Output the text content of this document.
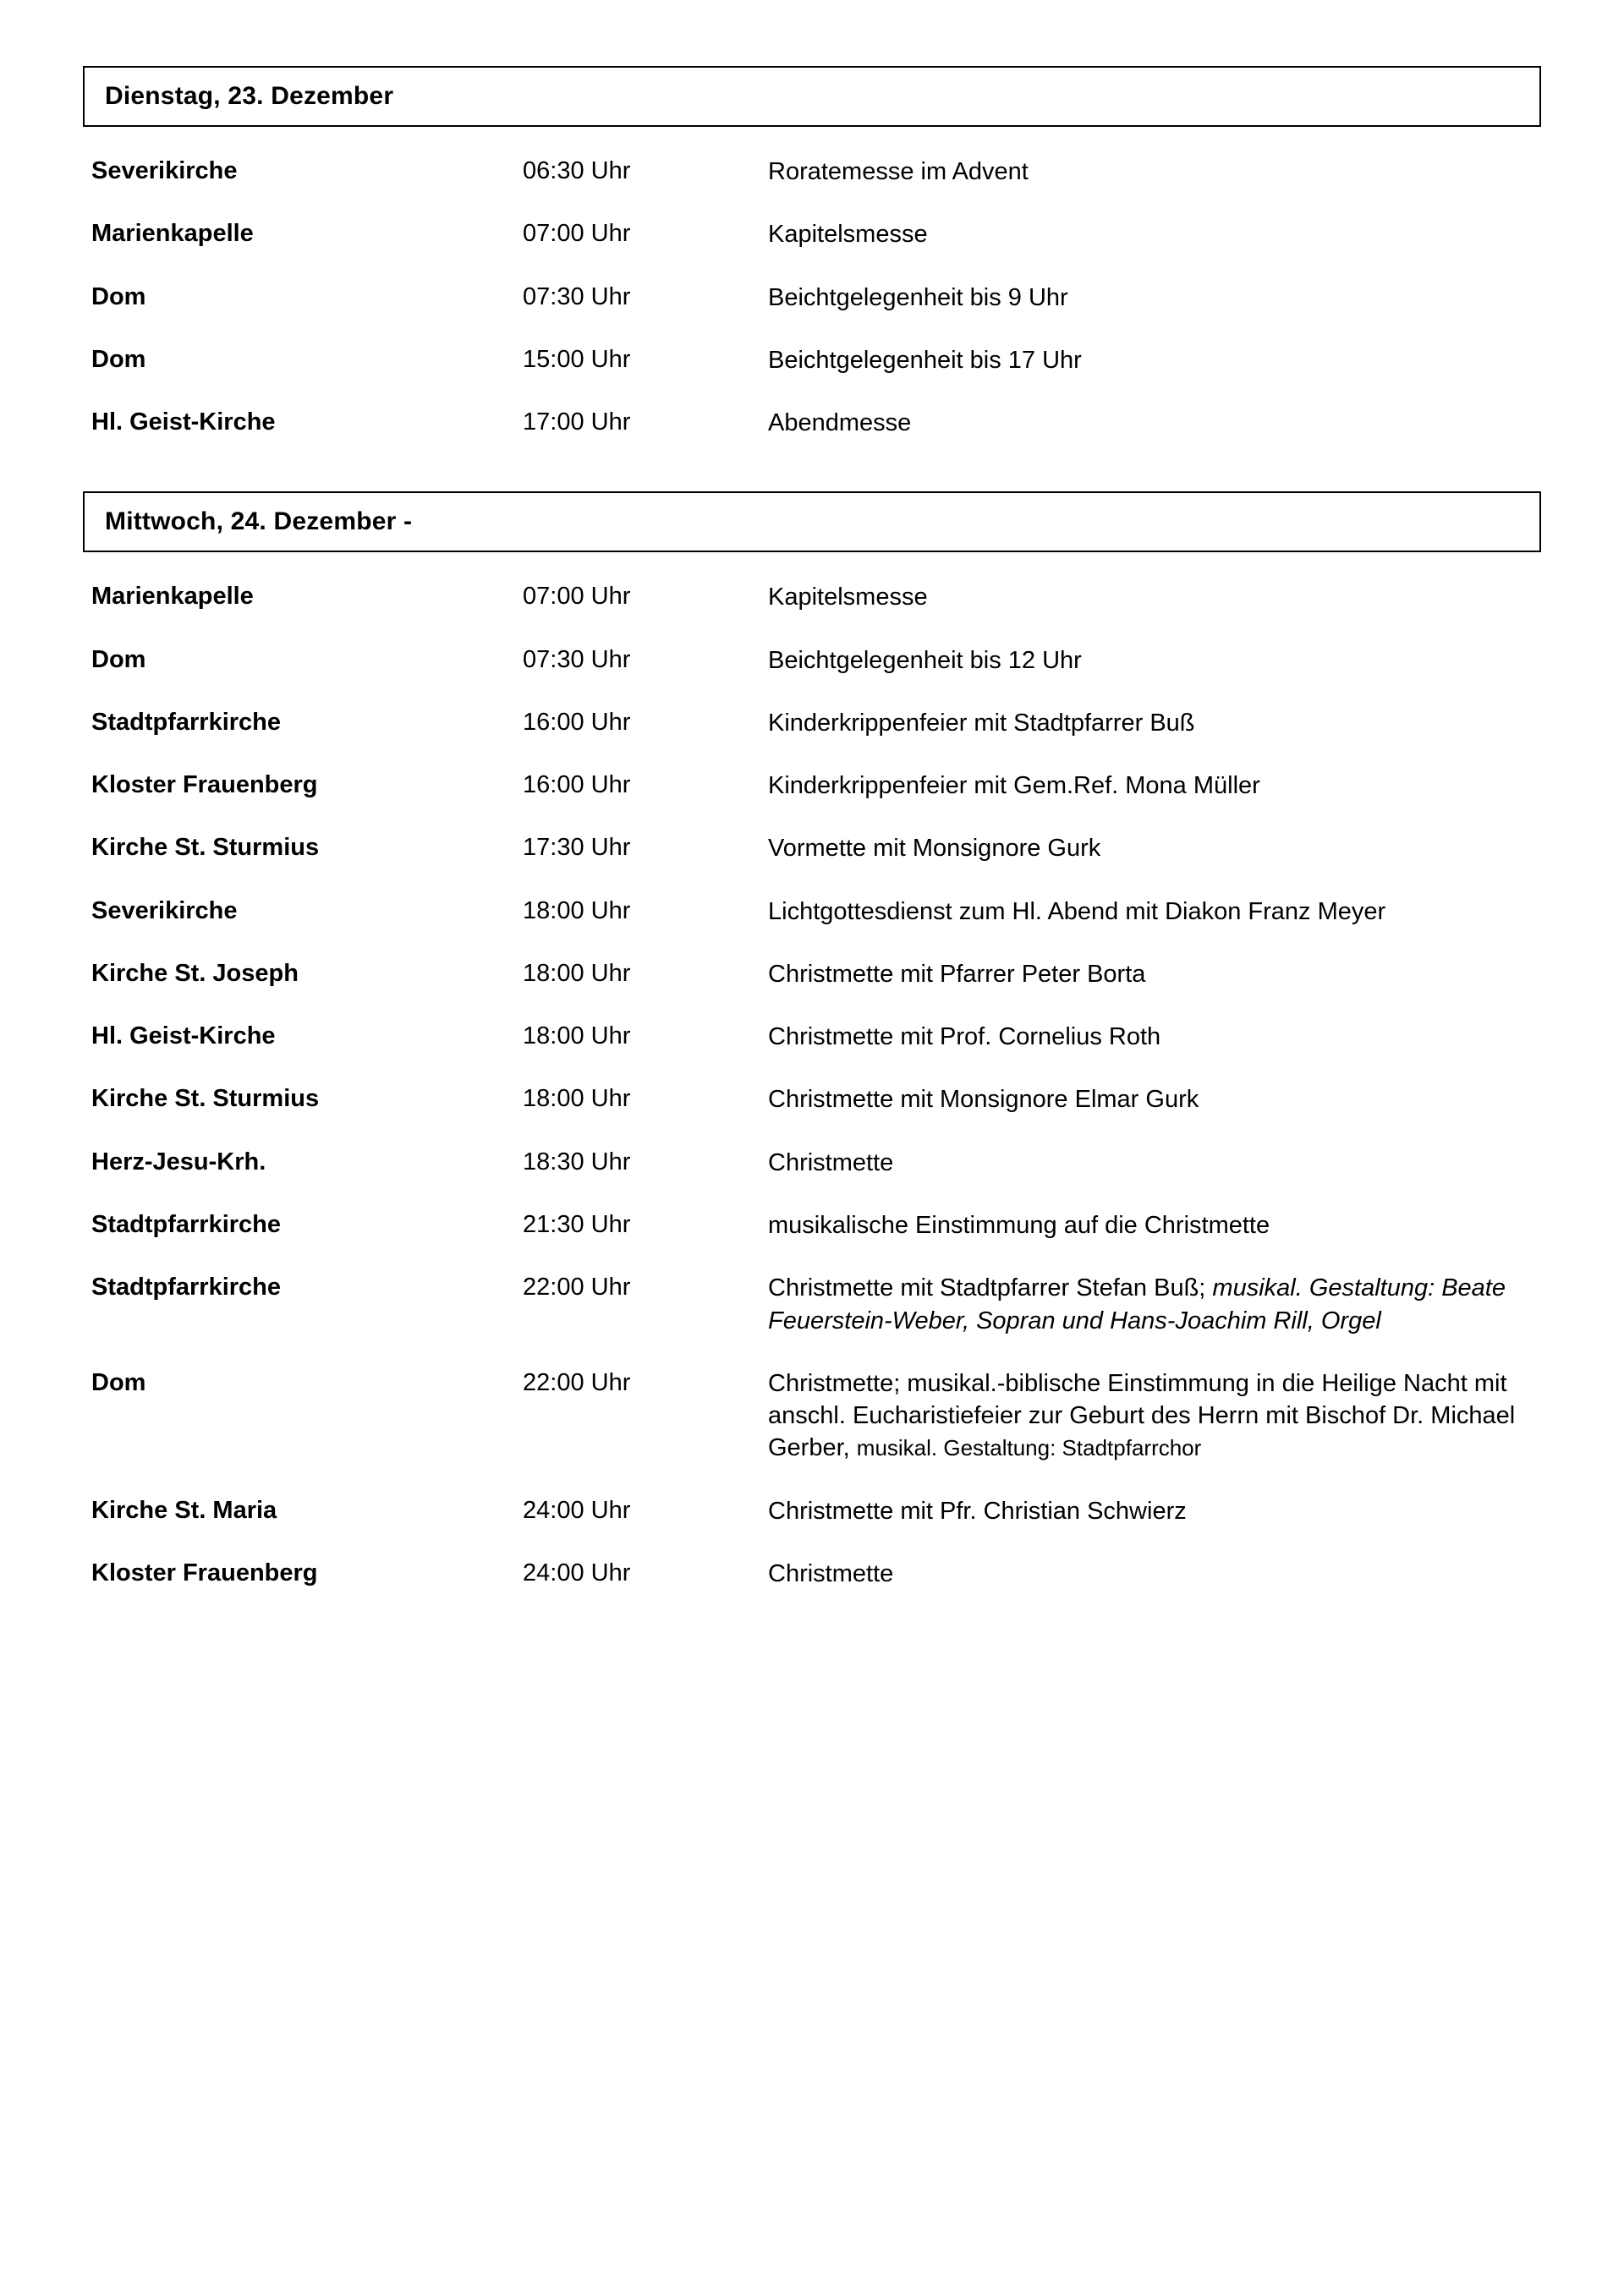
Dienstag, 23. Dezember
Severikirche	06:30 Uhr	Roratemesse im Advent
Marienkapelle	07:00 Uhr	Kapitelsmesse
Dom	07:30 Uhr	Beichtgelegenheit bis 9 Uhr
Dom	15:00 Uhr	Beichtgelegenheit bis 17 Uhr
Hl. Geist-Kirche	17:00 Uhr	Abendmesse
Mittwoch, 24. Dezember -
Marienkapelle	07:00 Uhr	Kapitelsmesse
Dom	07:30 Uhr	Beichtgelegenheit bis 12 Uhr
Stadtpfarrkirche	16:00 Uhr	Kinderkrippenfeier mit Stadtpfarrer Buß
Kloster Frauenberg	16:00 Uhr	Kinderkrippenfeier mit Gem.Ref. Mona Müller
Kirche St. Sturmius	17:30 Uhr	Vormette mit Monsignore Gurk
Severikirche	18:00 Uhr	Lichtgottesdienst zum Hl. Abend mit Diakon Franz Meyer
Kirche St. Joseph	18:00 Uhr	Christmette mit Pfarrer Peter Borta
Hl. Geist-Kirche	18:00 Uhr	Christmette mit Prof. Cornelius Roth
Kirche St. Sturmius	18:00 Uhr	Christmette mit Monsignore Elmar Gurk
Herz-Jesu-Krh.	18:30 Uhr	Christmette
Stadtpfarrkirche	21:30 Uhr	musikalische Einstimmung auf die Christmette
Stadtpfarrkirche	22:00 Uhr	Christmette mit Stadtpfarrer Stefan Buß; musikal. Gestaltung: Beate Feuerstein-Weber, Sopran und Hans-Joachim Rill, Orgel
Dom	22:00 Uhr	Christmette; musikal.-biblische Einstimmung in die Heilige Nacht mit anschl. Eucharistiefeier zur Geburt des Herrn mit Bischof Dr. Michael Gerber, musikal. Gestaltung: Stadtpfarrchor
Kirche St. Maria	24:00 Uhr	Christmette mit Pfr. Christian Schwierz
Kloster Frauenberg	24:00 Uhr	Christmette
